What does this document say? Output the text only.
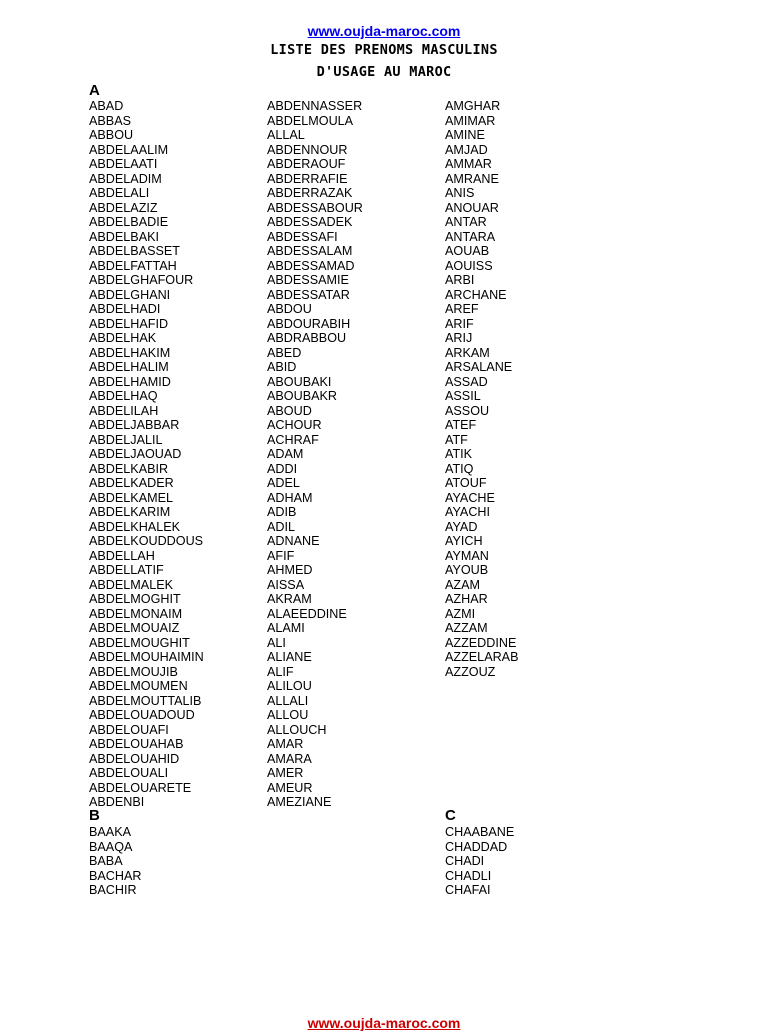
www.oujda-maroc.com
LISTE DES PRENOMS MASCULINS
D'USAGE AU MAROC
A
ABAD
ABBAS
ABBOU
ABDELAALIM
ABDELAATI
ABDELADIM
ABDELALI
ABDELAZIZ
ABDELBADIE
ABDELBAKI
ABDELBASSET
ABDELFATTAH
ABDELGHAFOUR
ABDELGHANI
ABDELHADI
ABDELHAFID
ABDELHAK
ABDELHAKIM
ABDELHALIM
ABDELHAMID
ABDELHAQ
ABDELILAH
ABDELJABBAR
ABDELJALIL
ABDELJAOUAD
ABDELKABIR
ABDELKADER
ABDELKAMEL
ABDELKARIM
ABDELKHALEK
ABDELKOUDDOUS
ABDELLAH
ABDELLATIF
ABDELMALEK
ABDELMOGHIT
ABDELMONAIM
ABDELMOUAIZ
ABDELMOUGHIT
ABDELMOUHAIMIN
ABDELMOUJIB
ABDELMOUMEN
ABDELMOUTTALIB
ABDELOUADOUD
ABDELOUAFI
ABDELOUAHAB
ABDELOUAHID
ABDELOUALI
ABDELOUARETE
ABDENBI
ABDENNASSER
ABDELMOULA
ALLAL
ABDENNOUR
ABDERAOUF
ABDERRAFIE
ABDERRAZAK
ABDESSABOUR
ABDESSADEK
ABDESSAFI
ABDESSALAM
ABDESSAMAD
ABDESSAMIE
ABDESSATAR
ABDOU
ABDOURABIH
ABDRABBOU
ABED
ABID
ABOUBAKI
ABOUBAKR
ABOUD
ACHOUR
ACHRAF
ADAM
ADDI
ADEL
ADHAM
ADIB
ADIL
ADNANE
AFIF
AHMED
AISSA
AKRAM
ALAEEDDINE
ALAMI
ALI
ALIANE
ALIF
ALILOU
ALLALI
ALLOU
ALLOUCH
AMAR
AMARA
AMER
AMEUR
AMEZIANE
AMGHAR
AMIMAR
AMINE
AMJAD
AMMAR
AMRANE
ANIS
ANOUAR
ANTAR
ANTARA
AOUAB
AOUISS
ARBI
ARCHANE
AREF
ARIF
ARIJ
ARKAM
ARSALANE
ASSAD
ASSIL
ASSOU
ATEF
ATF
ATIK
ATIQ
ATOUF
AYACHE
AYACHI
AYAD
AYICH
AYMAN
AYOUB
AZAM
AZHAR
AZMI
AZZAM
AZZEDDINE
AZZELARAB
AZZOUZ
B
BAAKA
BAAQA
BABA
BACHAR
BACHIR
C
CHAABANE
CHADDAD
CHADI
CHADLI
CHAFAI
www.oujda-maroc.com
